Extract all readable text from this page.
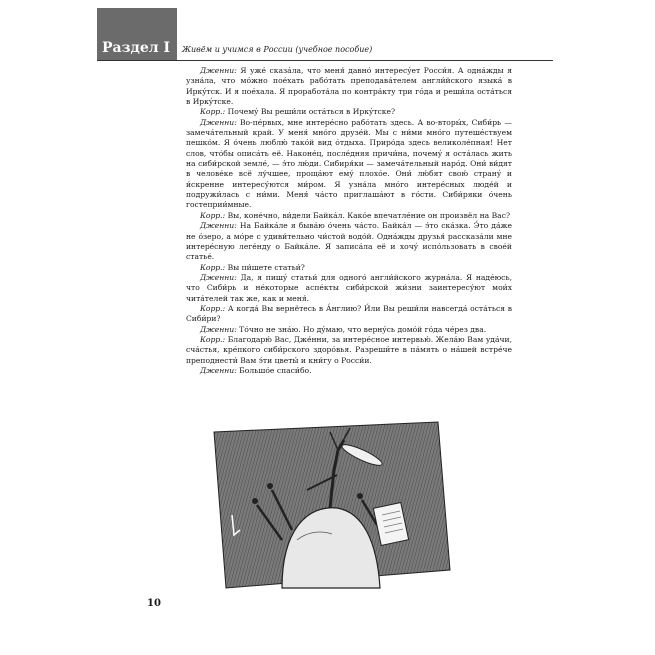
Раздел I Живём и учимся в России (учебное пособие)

Дженни: Я ужé сказáла, что меня́ давнó интересýет Росси́я. А однáжды я узнáла, что мóжно поéхать рабóтать преподавáтелем англи́йского языкá в Иркýтск. И я поéхала. Я проработáла по контрáкту три гóда и реши́ла остáться в Иркýтске.

Корр.: Почемý Вы реши́ли остáться в Иркýтске?

Дженни: Во-пéрвых, мне интерéсно рабóтать здесь. А во-вторы́х, Сиби́рь — замечáтельный край. У меня́ мнóго друзéй. Мы с ни́ми мнóго путешéствуем пешкóм. Я óчень люблю́ такóй вид óтдыха. Прирóда здесь великолéпная! Нет слов, чтóбы описáть её. Наконéц, послéдняя причи́на, почемý я остáлась жить на сиби́рской землé, — э́то лю́ди. Сибиря́ки — замечáтельный нарóд. Они́ ви́дят в человéке всё лу́чшее, прощáют емý плохóе. Они́ лю́бят свою́ странý и и́скренне интересу́ются ми́ром. Я узнáла мнóго интерéсных люде́й и подружи́лась с ни́ми. Меня́ чáсто приглашáют в гóсти. Сиби́ряки óчень гостеприи́мные.

Корр.: Вы, конéчно, ви́дели Байкáл. Какóе впечатлéние он произвёл на Вас?

Дженни: На Байкáле я бывáю óчень чáсто. Байкáл — э́то скáзка. Э́то дáже не óзеро, а мóре с удиви́тельно чи́стой водóй. Однáжды друзья́ рассказáли мне интерéсную легéнду о Байкáле. Я записáла её и хочý испóльзовать в своéй статьé.

Корр.: Вы пи́шете статьи́?

Дженни: Да, я пишý статьи́ для одногó англи́йского журнáла. Я надéюсь, что Сиби́рь и нéкоторые аспéкты сиби́рской жи́зни заинтересу́ют мои́х читáтелей так же, как и меня́.

Корр.: А когдá Вы вернётесь в А́нглию? И́ли Вы реши́ли навсегдá остáться в Сиби́ри?

Дженни: Тóчно не знáю. Но дýмаю, что вернýсь домóй гóда чéрез два.

Корр.: Благодарю́ Вас, Дже́нни, за интерéсное интервью́. Желáю Вам удáчи, счáстья, крéпкого сиби́рского здорóвья. Разреши́те в пáмять о нáшей встрéче преподнести́ Вам э́ти цветы́ и кни́гу о Росси́и.

Дженни: Большóе спаси́бо.

10
